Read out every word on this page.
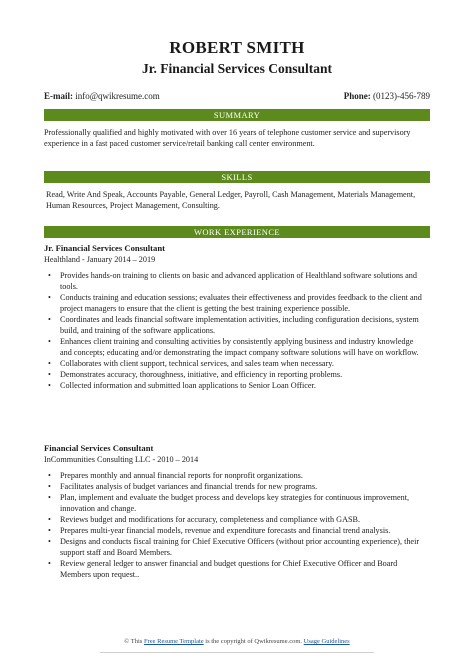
ROBERT SMITH
Jr. Financial Services Consultant
E-mail: info@qwikresume.com	Phone: (0123)-456-789
SUMMARY
Professionally qualified and highly motivated with over 16 years of telephone customer service and supervisory experience in a fast paced customer service/retail banking call center environment.
SKILLS
Read, Write And Speak, Accounts Payable, General Ledger, Payroll, Cash Management, Materials Management, Human Resources, Project Management, Consulting.
WORK EXPERIENCE
Jr. Financial Services Consultant
Healthland - January 2014 – 2019
• Provides hands-on training to clients on basic and advanced application of Healthland software solutions and tools.
• Conducts training and education sessions; evaluates their effectiveness and provides feedback to the client and project managers to ensure that the client is getting the best training experience possible.
• Coordinates and leads financial software implementation activities, including configuration decisions, system build, and training of the software applications.
• Enhances client training and consulting activities by consistently applying business and industry knowledge and concepts; educating and/or demonstrating the impact company software solutions will have on workflow.
• Collaborates with client support, technical services, and sales team when necessary.
• Demonstrates accuracy, thoroughness, initiative, and efficiency in reporting problems.
• Collected information and submitted loan applications to Senior Loan Officer.
Financial Services Consultant
InCommunities Consulting LLC - 2010 – 2014
• Prepares monthly and annual financial reports for nonprofit organizations.
• Facilitates analysis of budget variances and financial trends for new programs.
• Plan, implement and evaluate the budget process and develops key strategies for continuous improvement, innovation and change.
• Reviews budget and modifications for accuracy, completeness and compliance with GASB.
• Prepares multi-year financial models, revenue and expenditure forecasts and financial trend analysis.
• Designs and conducts fiscal training for Chief Executive Officers (without prior accounting experience), their support staff and Board Members.
• Review general ledger to answer financial and budget questions for Chief Executive Officer and Board Members upon request..
© This Free Resume Template is the copyright of Qwikresume.com. Usage Guidelines
